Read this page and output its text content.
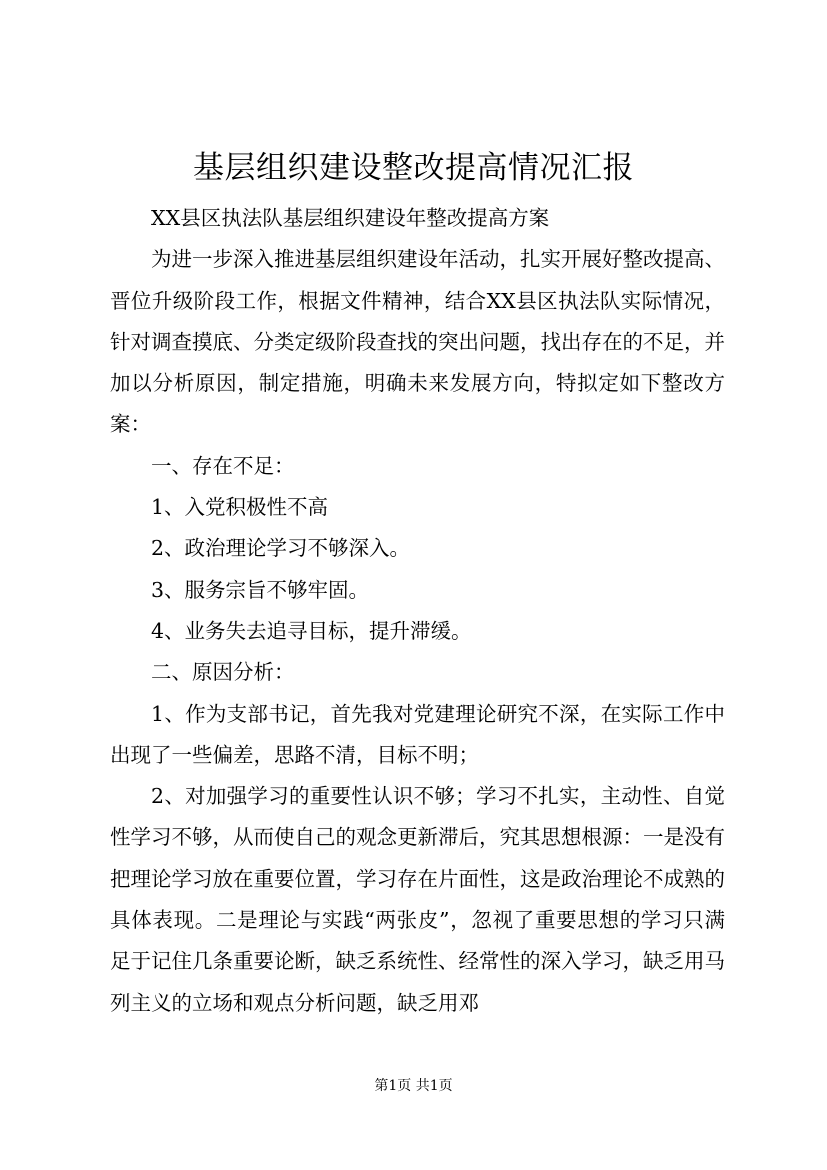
基层组织建设整改提高情况汇报

XX县区执法队基层组织建设年整改提高方案

为进一步深入推进基层组织建设年活动，扎实开展好整改提高、晋位升级阶段工作，根据文件精神，结合XX县区执法队实际情况，针对调查摸底、分类定级阶段查找的突出问题，找出存在的不足，并加以分析原因，制定措施，明确未来发展方向，特拟定如下整改方案：

一、存在不足：

1、入党积极性不高

2、政治理论学习不够深入。

3、服务宗旨不够牢固。

4、业务失去追寻目标，提升滞缓。

二、原因分析：

1、作为支部书记，首先我对党建理论研究不深，在实际工作中出现了一些偏差，思路不清，目标不明；

2、对加强学习的重要性认识不够；学习不扎实，主动性、自觉性学习不够，从而使自己的观念更新滞后，究其思想根源：一是没有把理论学习放在重要位置，学习存在片面性，这是政治理论不成熟的具体表现。二是理论与实践“两张皮”，忽视了重要思想的学习只满足于记住几条重要论断，缺乏系统性、经常性的深入学习，缺乏用马列主义的立场和观点分析问题，缺乏用邓

第1页 共1页
